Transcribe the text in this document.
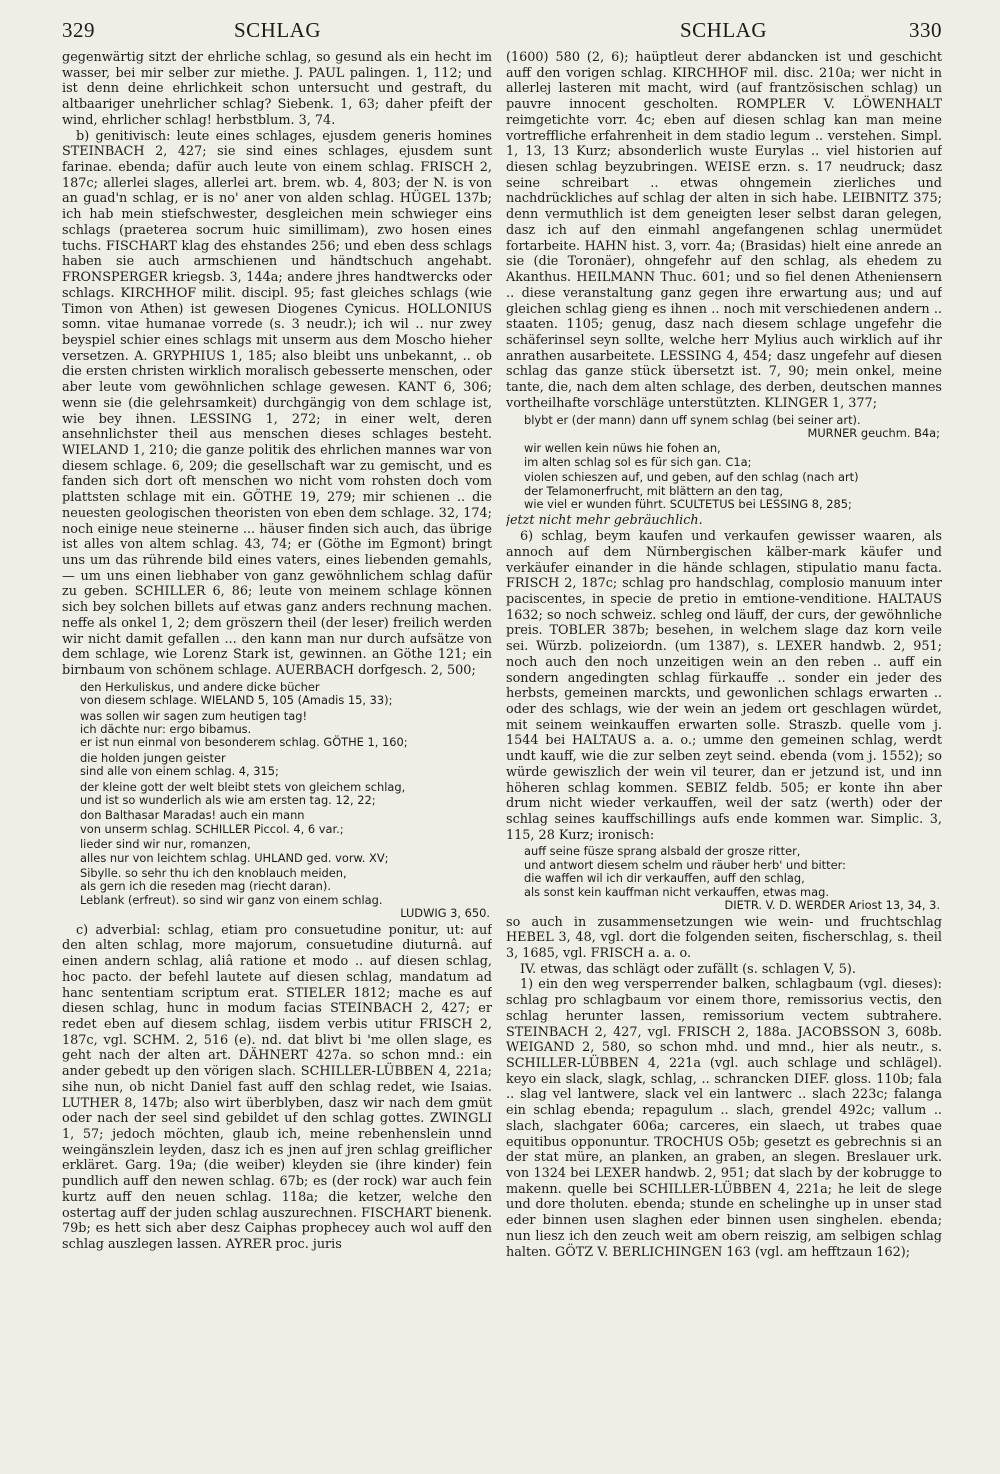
329	SCHLAG	SCHLAG	330

gegenwärtig sitzt der ehrliche schlag, so gesund als ein hecht im wasser, bei mir selber zur miethe. J. PAUL palingen. 1, 112; und ist denn deine ehrlichkeit schon untersucht und gestraft, du altbaariger unehrlicher schlag? Siebenk. 1, 63; daher pfeift der wind, ehrlicher schlag! herbstblum. 3, 74.

b) genitivisch: leute eines schlages, ejusdem generis homines STEINBACH 2, 427; sie sind eines schlages, ejusdem sunt farinae. ebenda; dafür auch leute von einem schlag. FRISCH 2, 187c; allerlei slages, allerlei art. brem. wb. 4, 803; der N. is von an guad'n schlag, er is no' aner von alden schlag. HÜGEL 137b; ich hab mein stiefschwester, desgleichen mein schwieger eins schlags (praeterea socrum huic simillimam), zwo hosen eines tuchs. FISCHART klag des ehstandes 256; und eben dess schlags haben sie auch armschienen und händtschuch angehabt. FRONSPERGER kriegsb. 3, 144a; andere jhres handtwercks oder schlags. KIRCHHOF milit. discipl. 95; fast gleiches schlags (wie Timon von Athen) ist gewesen Diogenes Cynicus. HOLLONIUS somn. vitae humanae vorrede (s. 3 neudr.); ich wil .. nur zwey beyspiel schier eines schlags mit unserm aus dem Moscho hieher versetzen. A. GRYPHIUS 1, 185; also bleibt uns unbekannt, .. ob die ersten christen wirklich moralisch gebesserte menschen, oder aber leute vom gewöhnlichen schlage gewesen. KANT 6, 306; wenn sie (die gelehrsamkeit) durchgängig von dem schlage ist, wie bey ihnen. LESSING 1, 272; in einer welt, deren ansehnlichster theil aus menschen dieses schlages besteht. WIELAND 1, 210; die ganze politik des ehrlichen mannes war von diesem schlage. 6, 209; die gesellschaft war zu gemischt, und es fanden sich dort oft menschen wo nicht vom rohsten doch vom plattsten schlage mit ein. GÖTHE 19, 279; mir schienen .. die neuesten geologischen theoristen von eben dem schlage. 32, 174; noch einige neue steinerne ... häuser finden sich auch, das übrige ist alles von altem schlag. 43, 74; er (Göthe im Egmont) bringt uns um das rührende bild eines vaters, eines liebenden gemahls, — um uns einen liebhaber von ganz gewöhnlichem schlag dafür zu geben. SCHILLER 6, 86; leute von meinem schlage können sich bey solchen billets auf etwas ganz anders rechnung machen. neffe als onkel 1, 2; dem gröszern theil (der leser) freilich werden wir nicht damit gefallen ... den kann man nur durch aufsätze von dem schlage, wie Lorenz Stark ist, gewinnen. an Göthe 121; ein birnbaum von schönem schlage. AUERBACH dorfgesch. 2, 500;

den Herkuliskus, und andere dicke bücher
von diesem schlage. WIELAND 5, 105 (Amadis 15, 33);
was sollen wir sagen zum heutigen tag!
ich dächte nur: ergo bibamus.
er ist nun einmal von besonderem schlag. GÖTHE 1, 160;
die holden jungen geister
sind alle von einem schlag. 4, 315;
der kleine gott der welt bleibt stets von gleichem schlag,
und ist so wunderlich als wie am ersten tag. 12, 22;
don Balthasar Maradas! auch ein mann
von unserm schlag. SCHILLER Piccol. 4, 6 var.;
lieder sind wir nur, romanzen,
alles nur von leichtem schlag. UHLAND ged. vorw. XV;
Sibylle. so sehr thu ich den knoblauch meiden,
als gern ich die reseden mag (riecht daran).
Leblank (erfreut). so sind wir ganz von einem schlag.
LUDWIG 3, 650.

c) adverbial: schlag, etiam pro consuetudine ponitur, ut: auf den alten schlag, more majorum, consuetudine diuturnâ. auf einen andern schlag, aliâ ratione et modo .. auf diesen schlag, hoc pacto. der befehl lautete auf diesen schlag, mandatum ad hanc sententiam scriptum erat. STIELER 1812; mache es auf diesen schlag, hunc in modum facias STEINBACH 2, 427; er redet eben auf diesem schlag, iisdem verbis utitur FRISCH 2, 187c, vgl. SCHM. 2, 516 (e). nd. dat blivt bi 'me ollen slage, es geht nach der alten art. DÄHNERT 427a. so schon mnd.: ein ander gebedt up den vörigen slach. SCHILLER-LÜBBEN 4, 221a; sihe nun, ob nicht Daniel fast auff den schlag redet, wie Isaias. LUTHER 8, 147b; also wirt überblyben, dasz wir nach dem gmüt oder nach der seel sind gebildet uf den schlag gottes. ZWINGLI 1, 57; jedoch möchten, glaub ich, meine rebenhenslein unnd weingänszlein leyden, dasz ich es jnen auf jren schlag greiflicher erkläret. Garg. 19a; (die weiber) kleyden sie (ihre kinder) fein pundlich auff den newen schlag. 67b; es (der rock) war auch fein kurtz auff den neuen schlag. 118a; die ketzer, welche den ostertag auff der juden schlag auszurechnen. FISCHART bienenk. 79b; es hett sich aber desz Caiphas prophecey auch wol auff den schlag auszlegen lassen. AYRER proc. juris

(1600) 580 (2, 6); haüptleut derer abdancken ist und geschicht auff den vorigen schlag. KIRCHHOF mil. disc. 210a; wer nicht in allerlej lasteren mit macht, wird (auf frantzösischen schlag) un pauvre innocent gescholten. ROMPLER V. LÖWENHALT reimgetichte vorr. 4c; eben auf diesen schlag kan man meine vortreffliche erfahrenheit in dem stadio legum .. verstehen. Simpl. 1, 13, 13 Kurz; absonderlich wuste Eurylas .. viel historien auf diesen schlag beyzubringen. WEISE erzn. s. 17 neudruck; dasz seine schreibart .. etwas ohngemein zierliches und nachdrückliches auf schlag der alten in sich habe. LEIBNITZ 375; denn vermuthlich ist dem geneigten leser selbst daran gelegen, dasz ich auf den einmahl angefangenen schlag unermüdet fortarbeite. HAHN hist. 3, vorr. 4a; (Brasidas) hielt eine anrede an sie (die Toronäer), ohngefehr auf den schlag, als ehedem zu Akanthus. HEILMANN Thuc. 601; und so fiel denen Atheniensern .. diese veranstaltung ganz gegen ihre erwartung aus; und auf gleichen schlag gieng es ihnen .. noch mit verschiedenen andern .. staaten. 1105; genug, dasz nach diesem schlage ungefehr die schäferinsel seyn sollte, welche herr Mylius auch wirklich auf ihr anrathen ausarbeitete. LESSING 4, 454; dasz ungefehr auf diesen schlag das ganze stück übersetzt ist. 7, 90; mein onkel, meine tante, die, nach dem alten schlage, des derben, deutschen mannes vortheilhafte vorschläge unterstützten. KLINGER 1, 377;

blybt er (der mann) dann uff synem schlag (bei seiner art).
MURNER geuchm. B4a;
wir wellen kein nüws hie fohen an,
im alten schlag sol es für sich gan. C1a;
violen schieszen auf, und geben, auf den schlag (nach art)
der Telamonerfrucht, mit blättern an den tag,
wie viel er wunden führt. SCULTETUS bei LESSING 8, 285;

jetzt nicht mehr gebräuchlich.

6) schlag, beym kaufen und verkaufen gewisser waaren, als annoch auf dem Nürnbergischen kälber-mark käufer und verkäufer einander in die hände schlagen, stipulatio manu facta. FRISCH 2, 187c; schlag pro handschlag, complosio manuum inter paciscentes, in specie de pretio in emtione-venditione. HALTAUS 1632; so noch schweiz. schleg ond läuff, der curs, der gewöhnliche preis. TOBLER 387b; besehen, in welchem slage daz korn veile sei. Würzb. polizeiordn. (um 1387), s. LEXER handwb. 2, 951; noch auch den noch unzeitigen wein an den reben .. auff ein sondern angedingten schlag fürkauffe .. sonder ein jeder des herbsts, gemeinen marckts, und gewonlichen schlags erwarten .. oder des schlags, wie der wein an jedem ort geschlagen würdet, mit seinem weinkauffen erwarten solle. Straszb. quelle vom j. 1544 bei HALTAUS a. a. o.; umme den gemeinen schlag, werdt undt kauff, wie die zur selben zeyt seind. ebenda (vom j. 1552); so würde gewiszlich der wein vil teurer, dan er jetzund ist, und inn höheren schlag kommen. SEBIZ feldb. 505; er konte ihn aber drum nicht wieder verkauffen, weil der satz (werth) oder der schlag seines kauffschillings aufs ende kommen war. Simplic. 3, 115, 28 Kurz; ironisch:

auff seine füsze sprang alsbald der grosze ritter,
und antwort diesem schelm und räuber herb' und bitter:
die waffen wil ich dir verkauffen, auff den schlag,
als sonst kein kauffman nicht verkauffen, etwas mag.
DIETR. V. D. WERDER Ariost 13, 34, 3.

so auch in zusammensetzungen wie wein- und fruchtschlag HEBEL 3, 48, vgl. dort die folgenden seiten, fischerschlag, s. theil 3, 1685, vgl. FRISCH a. a. o.

IV. etwas, das schlägt oder zufällt (s. schlagen V, 5).

1) ein den weg versperrender balken, schlagbaum (vgl. dieses): schlag pro schlagbaum vor einem thore, remissorius vectis, den schlag herunter lassen, remissorium vectem subtrahere. STEINBACH 2, 427, vgl. FRISCH 2, 188a. JACOBSSON 3, 608b. WEIGAND 2, 580, so schon mhd. und mnd., hier als neutr., s. SCHILLER-LÜBBEN 4, 221a (vgl. auch schlage und schlägel). keyo ein slack, slagk, schlag, .. schrancken DIEF. gloss. 110b; fala .. slag vel lantwere, slack vel ein lantwerc .. slach 223c; falanga ein schlag ebenda; repagulum .. slach, grendel 492c; vallum .. slach, slachgater 606a; carceres, ein slaech, ut trabes quae equitibus opponuntur. TROCHUS O5b; gesetzt es gebrechnis si an der stat müre, an planken, an graben, an slegen. Breslauer urk. von 1324 bei LEXER handwb. 2, 951; dat slach by der kobrugge to makenn. quelle bei SCHILLER-LÜBBEN 4, 221a; he leit de slege und dore tholuten. ebenda; stunde en schelinghe up in unser stad eder binnen usen slaghen eder binnen usen singhelen. ebenda; nun liesz ich den zeuch weit am obern reiszig, am selbigen schlag halten. GÖTZ V. BERLICHINGEN 163 (vgl. am hefftzaun 162);
